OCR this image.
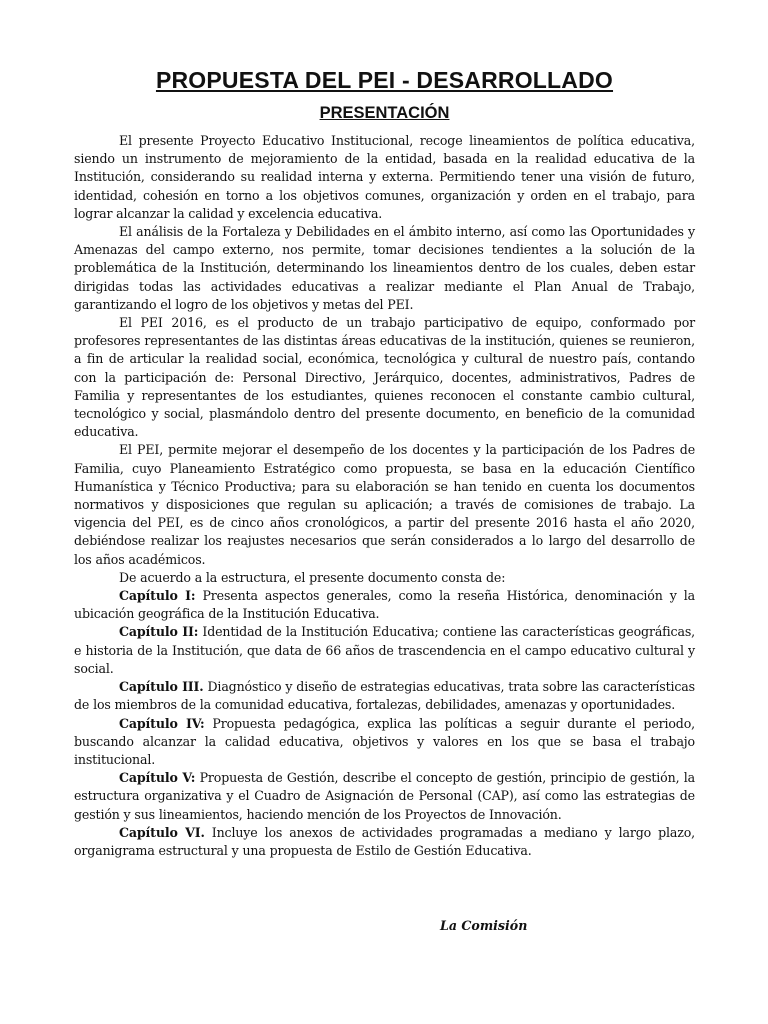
PROPUESTA DEL PEI - DESARROLLADO
PRESENTACIÓN

El presente Proyecto Educativo Institucional, recoge lineamientos de política educativa, siendo un instrumento de mejoramiento de la entidad, basada en la realidad educativa de la Institución, considerando su realidad interna y externa. Permitiendo tener una visión de futuro, identidad, cohesión en torno a los objetivos comunes, organización y orden en el trabajo, para lograr alcanzar la calidad y excelencia educativa.

El análisis de la Fortaleza y Debilidades en el ámbito interno, así como las Oportunidades y Amenazas del campo externo, nos permite, tomar decisiones tendientes a la solución de la problemática de la Institución, determinando los lineamientos dentro de los cuales, deben estar dirigidas todas las actividades educativas a realizar mediante el Plan Anual de Trabajo, garantizando el logro de los objetivos y metas del PEI.

El PEI 2016, es el producto de un trabajo participativo de equipo, conformado por profesores representantes de las distintas áreas educativas de la institución, quienes se reunieron, a fin de articular la realidad social, económica, tecnológica y cultural de nuestro país, contando con la participación de: Personal Directivo, Jerárquico, docentes, administrativos, Padres de Familia y representantes de los estudiantes, quienes reconocen el constante cambio cultural, tecnológico y social, plasmándolo dentro del presente documento, en beneficio de la comunidad educativa.

El PEI, permite mejorar el desempeño de los docentes y la participación de los Padres de Familia, cuyo Planeamiento Estratégico como propuesta, se basa en la educación Científico Humanística y Técnico Productiva; para su elaboración se han tenido en cuenta los documentos normativos y disposiciones que regulan su aplicación; a través de comisiones de trabajo. La vigencia del PEI, es de cinco años cronológicos, a partir del presente 2016 hasta el año 2020, debiéndose realizar los reajustes necesarios que serán considerados a lo largo del desarrollo de los años académicos.

De acuerdo a la estructura, el presente documento consta de:

Capítulo I: Presenta aspectos generales, como la reseña Histórica, denominación y la ubicación geográfica de la Institución Educativa.

Capítulo II: Identidad de la Institución Educativa; contiene las características geográficas, e historia de la Institución, que data de 66 años de trascendencia en el campo educativo cultural y social.

Capítulo III. Diagnóstico y diseño de estrategias educativas, trata sobre las características de los miembros de la comunidad educativa, fortalezas, debilidades, amenazas y oportunidades.

Capítulo IV: Propuesta pedagógica, explica las políticas a seguir durante el periodo, buscando alcanzar la calidad educativa, objetivos y valores en los que se basa el trabajo institucional.

Capítulo V: Propuesta de Gestión, describe el concepto de gestión, principio de gestión, la estructura organizativa y el Cuadro de Asignación de Personal (CAP), así como las estrategias de gestión y sus lineamientos, haciendo mención de los Proyectos de Innovación.

Capítulo VI. Incluye los anexos de actividades programadas a mediano y largo plazo, organigrama estructural y una propuesta de Estilo de Gestión Educativa.

La Comisión
